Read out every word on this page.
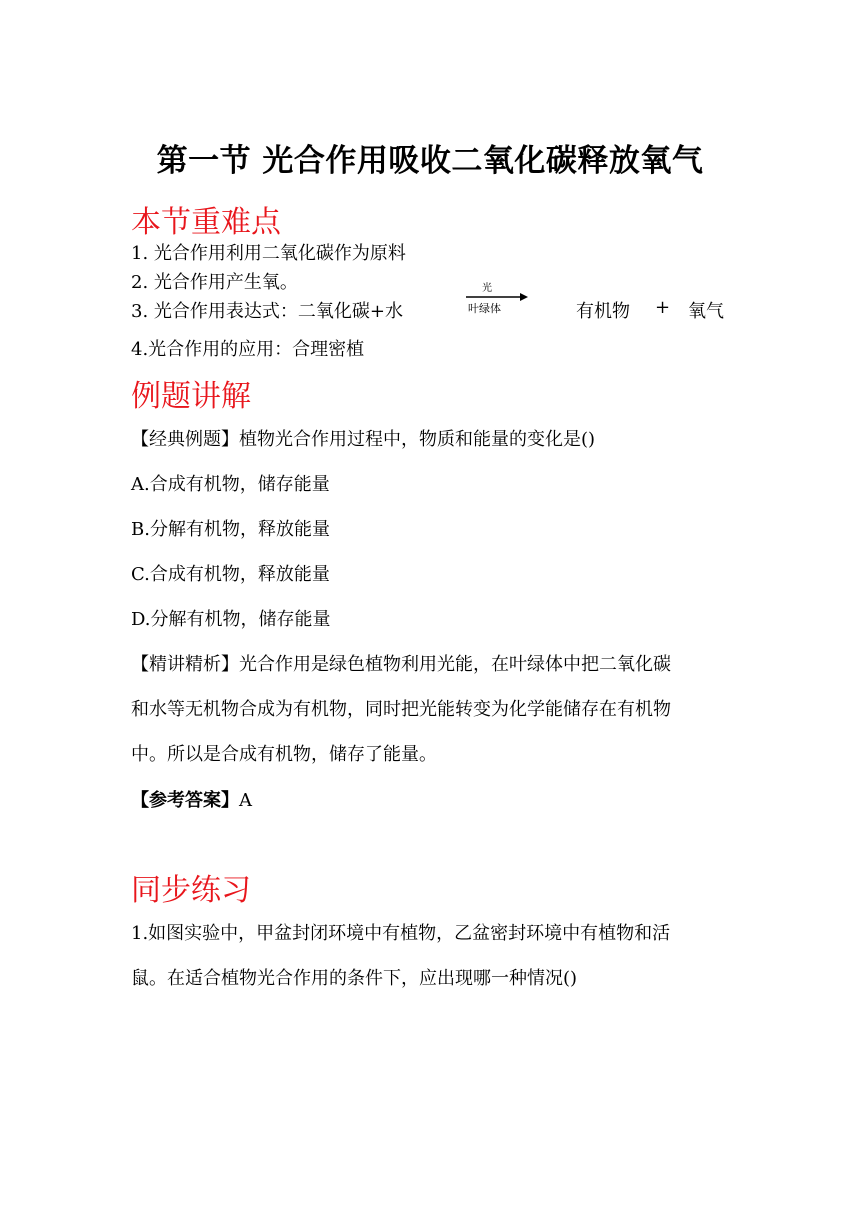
第一节 光合作用吸收二氧化碳释放氧气
本节重难点
1. 光合作用利用二氧化碳作为原料
2. 光合作用产生氧。
3. 光合作用表达式：二氧化碳+水
光
叶绿体	有机物 + 氧气
4.光合作用的应用：合理密植
例题讲解
【经典例题】植物光合作用过程中，物质和能量的变化是()
A.合成有机物，储存能量
B.分解有机物，释放能量
C.合成有机物，释放能量
D.分解有机物，储存能量
【精讲精析】光合作用是绿色植物利用光能，在叶绿体中把二氧化碳
和水等无机物合成为有机物，同时把光能转变为化学能储存在有机物
中。所以是合成有机物，储存了能量。
【参考答案】A
同步练习
1.如图实验中，甲盆封闭环境中有植物，乙盆密封环境中有植物和活
鼠。在适合植物光合作用的条件下，应出现哪一种情况()
